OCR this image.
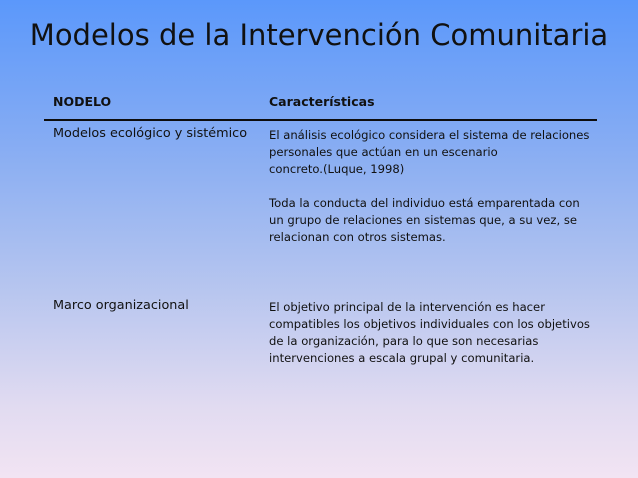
Modelos de la Intervención Comunitaria
NODELO	Características
Modelos ecológico y sistémico El análisis ecológico considera el sistema de relaciones

personales que actúan en un escenario

concreto.(Luque, 1998)

Toda la conducta del individuo está emparentada con

un grupo de relaciones en sistemas que, a su vez, se

relacionan con otros sistemas.

Marco organizacional	El objetivo principal de la intervención es hacer

compatibles los objetivos individuales con los objetivos

de la organización, para lo que son necesarias

intervenciones a escala grupal y comunitaria.
